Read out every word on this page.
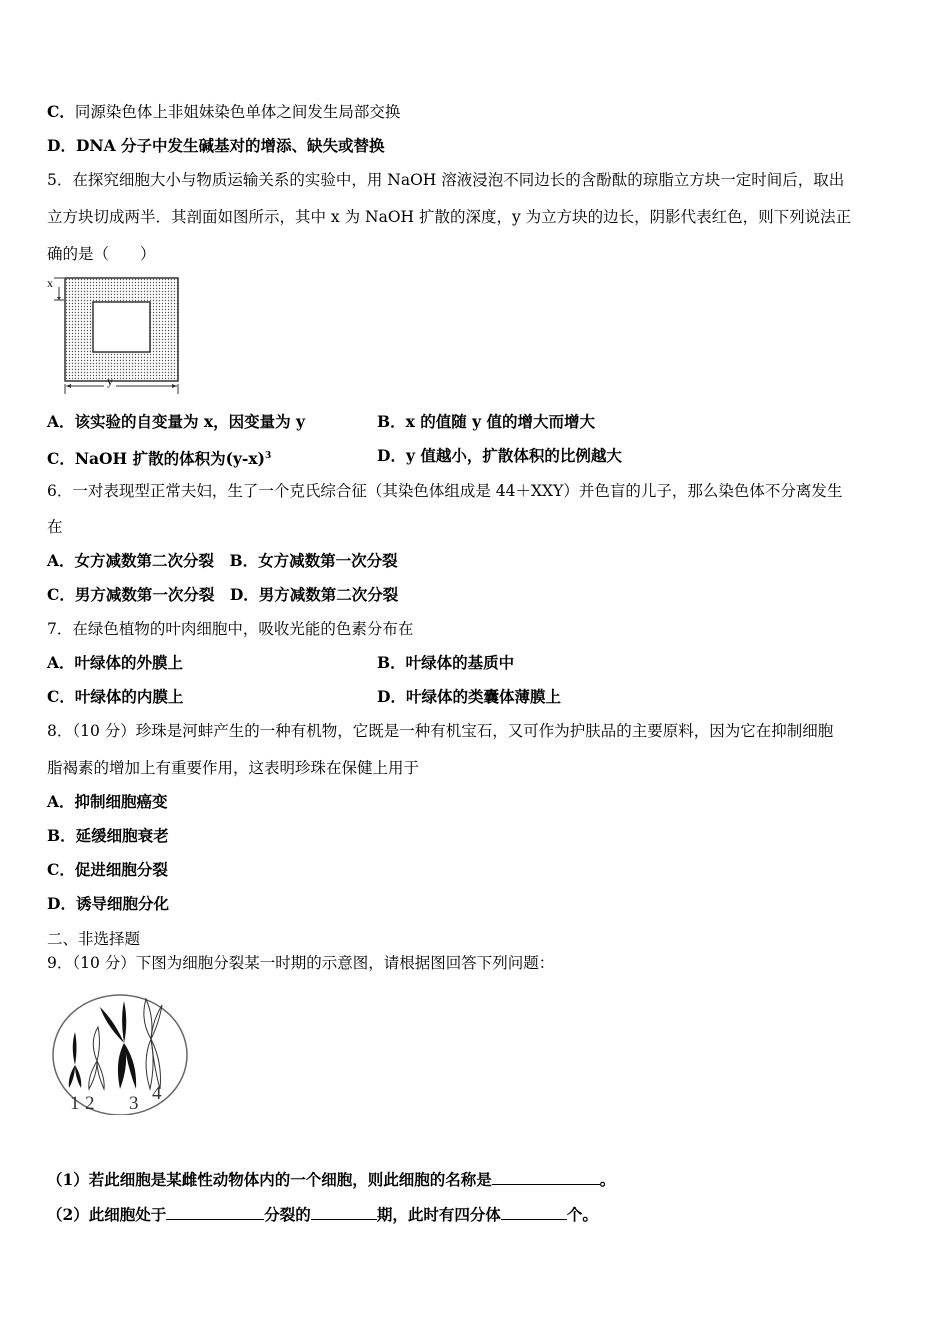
C．同源染色体上非姐妹染色单体之间发生局部交换
D．DNA 分子中发生碱基对的增添、缺失或替换
5．在探究细胞大小与物质运输关系的实验中，用 NaOH 溶液浸泡不同边长的含酚酞的琼脂立方块一定时间后，取出
立方块切成两半．其剖面如图所示，其中 x 为 NaOH 扩散的深度，y 为立方块的边长，阴影代表红色，则下列说法正
确的是（　　）
x
y
A．该实验的自变量为 x，因变量为 y	B．x 的值随 y 值的增大而增大
C．NaOH 扩散的体积为$(y-x)^3$	D．y 值越小，扩散体积的比例越大
6．一对表现型正常夫妇，生了一个克氏综合征（其染色体组成是 44＋XXY）并色盲的儿子，那么染色体不分离发生
在
A．女方减数第二次分裂　B．女方减数第一次分裂
C．男方减数第一次分裂　D．男方减数第二次分裂
7．在绿色植物的叶肉细胞中，吸收光能的色素分布在
A．叶绿体的外膜上	B．叶绿体的基质中
C．叶绿体的内膜上	D．叶绿体的类囊体薄膜上
8．（10 分）珍珠是河蚌产生的一种有机物，它既是一种有机宝石，又可作为护肤品的主要原料，因为它在抑制细胞
脂褐素的增加上有重要作用，这表明珍珠在保健上用于
A．抑制细胞癌变
B．延缓细胞衰老
C．促进细胞分裂
D．诱导细胞分化
二、非选择题
9．（10 分）下图为细胞分裂某一时期的示意图，请根据图回答下列问题：
1 2 3 4
（1）若此细胞是某雌性动物体内的一个细胞，则此细胞的名称是	。
（2）此细胞处于	分裂的	期，此时有四分体	个。
